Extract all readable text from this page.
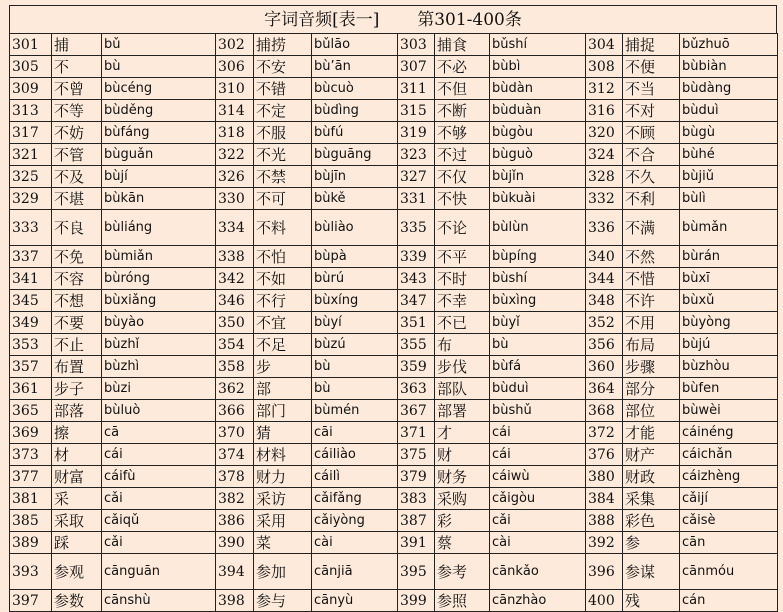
字词音频[表一]       第301-400条
301	捕	bǔ	302	捕捞	bǔlāo	303	捕食	bǔshí	304	捕捉	bǔzhuō
305	不	bù	306	不安	bù’ān	307	不必	bùbì	308	不便	bùbiàn
309	不曾	bùcéng	310	不错	bùcuò	311	不但	bùdàn	312	不当	bùdàng
313	不等	bùděng	314	不定	bùdìng	315	不断	bùduàn	316	不对	bùduì
317	不妨	bùfáng	318	不服	bùfú	319	不够	bùgòu	320	不顾	bùgù
321	不管	bùguǎn	322	不光	bùguāng	323	不过	bùguò	324	不合	bùhé
325	不及	bùjí	326	不禁	bùjīn	327	不仅	bùjǐn	328	不久	bùjiǔ
329	不堪	bùkān	330	不可	bùkě	331	不快	bùkuài	332	不利	bùlì
333	不良	bùliáng	334	不料	bùliào	335	不论	bùlùn	336	不满	bùmǎn
337	不免	bùmiǎn	338	不怕	bùpà	339	不平	bùpíng	340	不然	bùrán
341	不容	bùróng	342	不如	bùrú	343	不时	bùshí	344	不惜	bùxī
345	不想	bùxiǎng	346	不行	bùxíng	347	不幸	bùxìng	348	不许	bùxǔ
349	不要	bùyào	350	不宜	bùyí	351	不已	bùyǐ	352	不用	bùyòng
353	不止	bùzhǐ	354	不足	bùzú	355	布	bù	356	布局	bùjú
357	布置	bùzhì	358	步	bù	359	步伐	bùfá	360	步骤	bùzhòu
361	步子	bùzi	362	部	bù	363	部队	bùduì	364	部分	bùfen
365	部落	bùluò	366	部门	bùmén	367	部署	bùshǔ	368	部位	bùwèi
369	擦	cā	370	猜	cāi	371	才	cái	372	才能	cáinéng
373	材	cái	374	材料	cáiliào	375	财	cái	376	财产	cáichǎn
377	财富	cáifù	378	财力	cáilì	379	财务	cáiwù	380	财政	cáizhèng
381	采	cǎi	382	采访	cǎifǎng	383	采购	cǎigòu	384	采集	cǎijí
385	采取	cǎiqǔ	386	采用	cǎiyòng	387	彩	cǎi	388	彩色	cǎisè
389	踩	cǎi	390	菜	cài	391	蔡	cài	392	参	cān
393	参观	cānguān	394	参加	cānjiā	395	参考	cānkǎo	396	参谋	cānmóu
397	参数	cānshù	398	参与	cānyù	399	参照	cānzhào	400	残	cán
